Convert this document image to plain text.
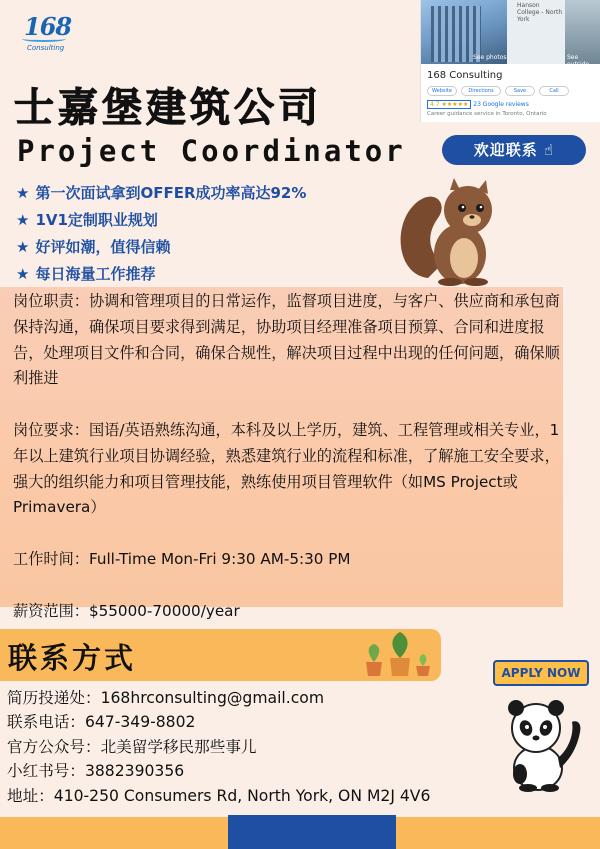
168
Consulting
士嘉堡建筑公司
Project Coordinator
See photos
Hanson College - North York
See outside
168 Consulting
Website	Directions	Save	Call
4.7 ★★★★★ 23 Google reviews
Career guidance service in Toronto, Ontario
欢迎联系 ☝
★ 第一次面试拿到OFFER成功率高达92%
★ 1V1定制职业规划
★ 好评如潮，值得信赖
★ 每日海量工作推荐

岗位职责：协调和管理项目的日常运作，监督项目进度，与客户、供应商和承包商保持沟通，确保项目要求得到满足，协助项目经理准备项目预算、合同和进度报告，处理项目文件和合同，确保合规性，解决项目过程中出现的任何问题，确保顺利推进

岗位要求：国语/英语熟练沟通，本科及以上学历，建筑、工程管理或相关专业，1年以上建筑行业项目协调经验，熟悉建筑行业的流程和标准，了解施工安全要求，强大的组织能力和项目管理技能，熟练使用项目管理软件（如MS Project或Primavera）

工作时间：Full-Time Mon-Fri 9:30 AM-5:30 PM

薪资范围：$55000-70000/year

联系方式	APPLY NOW
简历投递处：168hrconsulting@gmail.com
联系电话：647-349-8802
官方公众号：北美留学移民那些事儿
小红书号：3882390356
地址：410-250 Consumers Rd, North York, ON M2J 4V6
